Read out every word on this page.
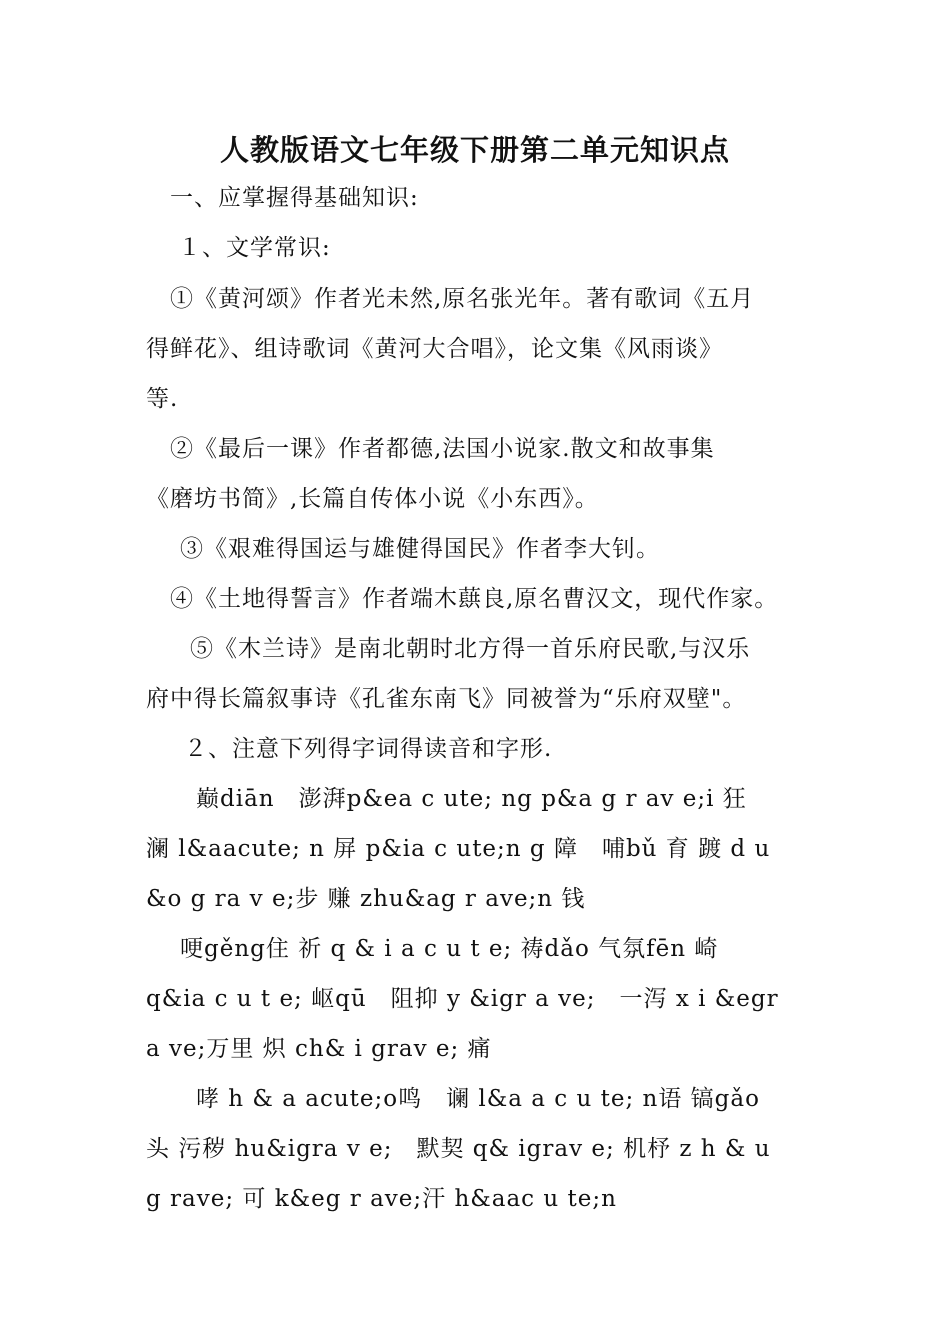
人教版语文七年级下册第二单元知识点
一、应掌握得基础知识:
１、文学常识:
①《黄河颂》作者光未然,原名张光年。著有歌词《五月
得鲜花》、组诗歌词《黄河大合唱》，论文集《风雨谈》
等.
②《最后一课》作者都德,法国小说家.散文和故事集
《磨坊书简》,长篇自传体小说《小东西》。
③《艰难得国运与雄健得国民》作者李大钊。
④《土地得誓言》作者端木蕻良,原名曹汉文，现代作家。
⑤《木兰诗》是南北朝时北方得一首乐府民歌,与汉乐
府中得长篇叙事诗《孔雀东南飞》同被誉为“乐府双壁"。
２、注意下列得字词得读音和字形.
巅diān　澎湃p&ea c ute; ng p&a g r av e;i 狂
澜 l&aacute; n 屏 p&ia c ute;n g 障　哺bǔ 育 踱 d u
&o g ra v e;步 赚 zhu&ag r ave;n 钱
哽gěng住 祈 q & i a c u t e; 祷dǎo 气氛fēn 崎
q&ia c u t e; 岖qū　阻抑 y &igr a ve;　一泻 x i &egr
a ve;万里 炽 ch& i grav e; 痛
哮 h & a acute;o鸣　谰 l&a a c u te; n语 镐gǎo
头 污秽 hu&igra v e;　默契 q& igrav e; 机杼 z h & u
g rave; 可 k&eg r ave;汗 h&aac u te;n
